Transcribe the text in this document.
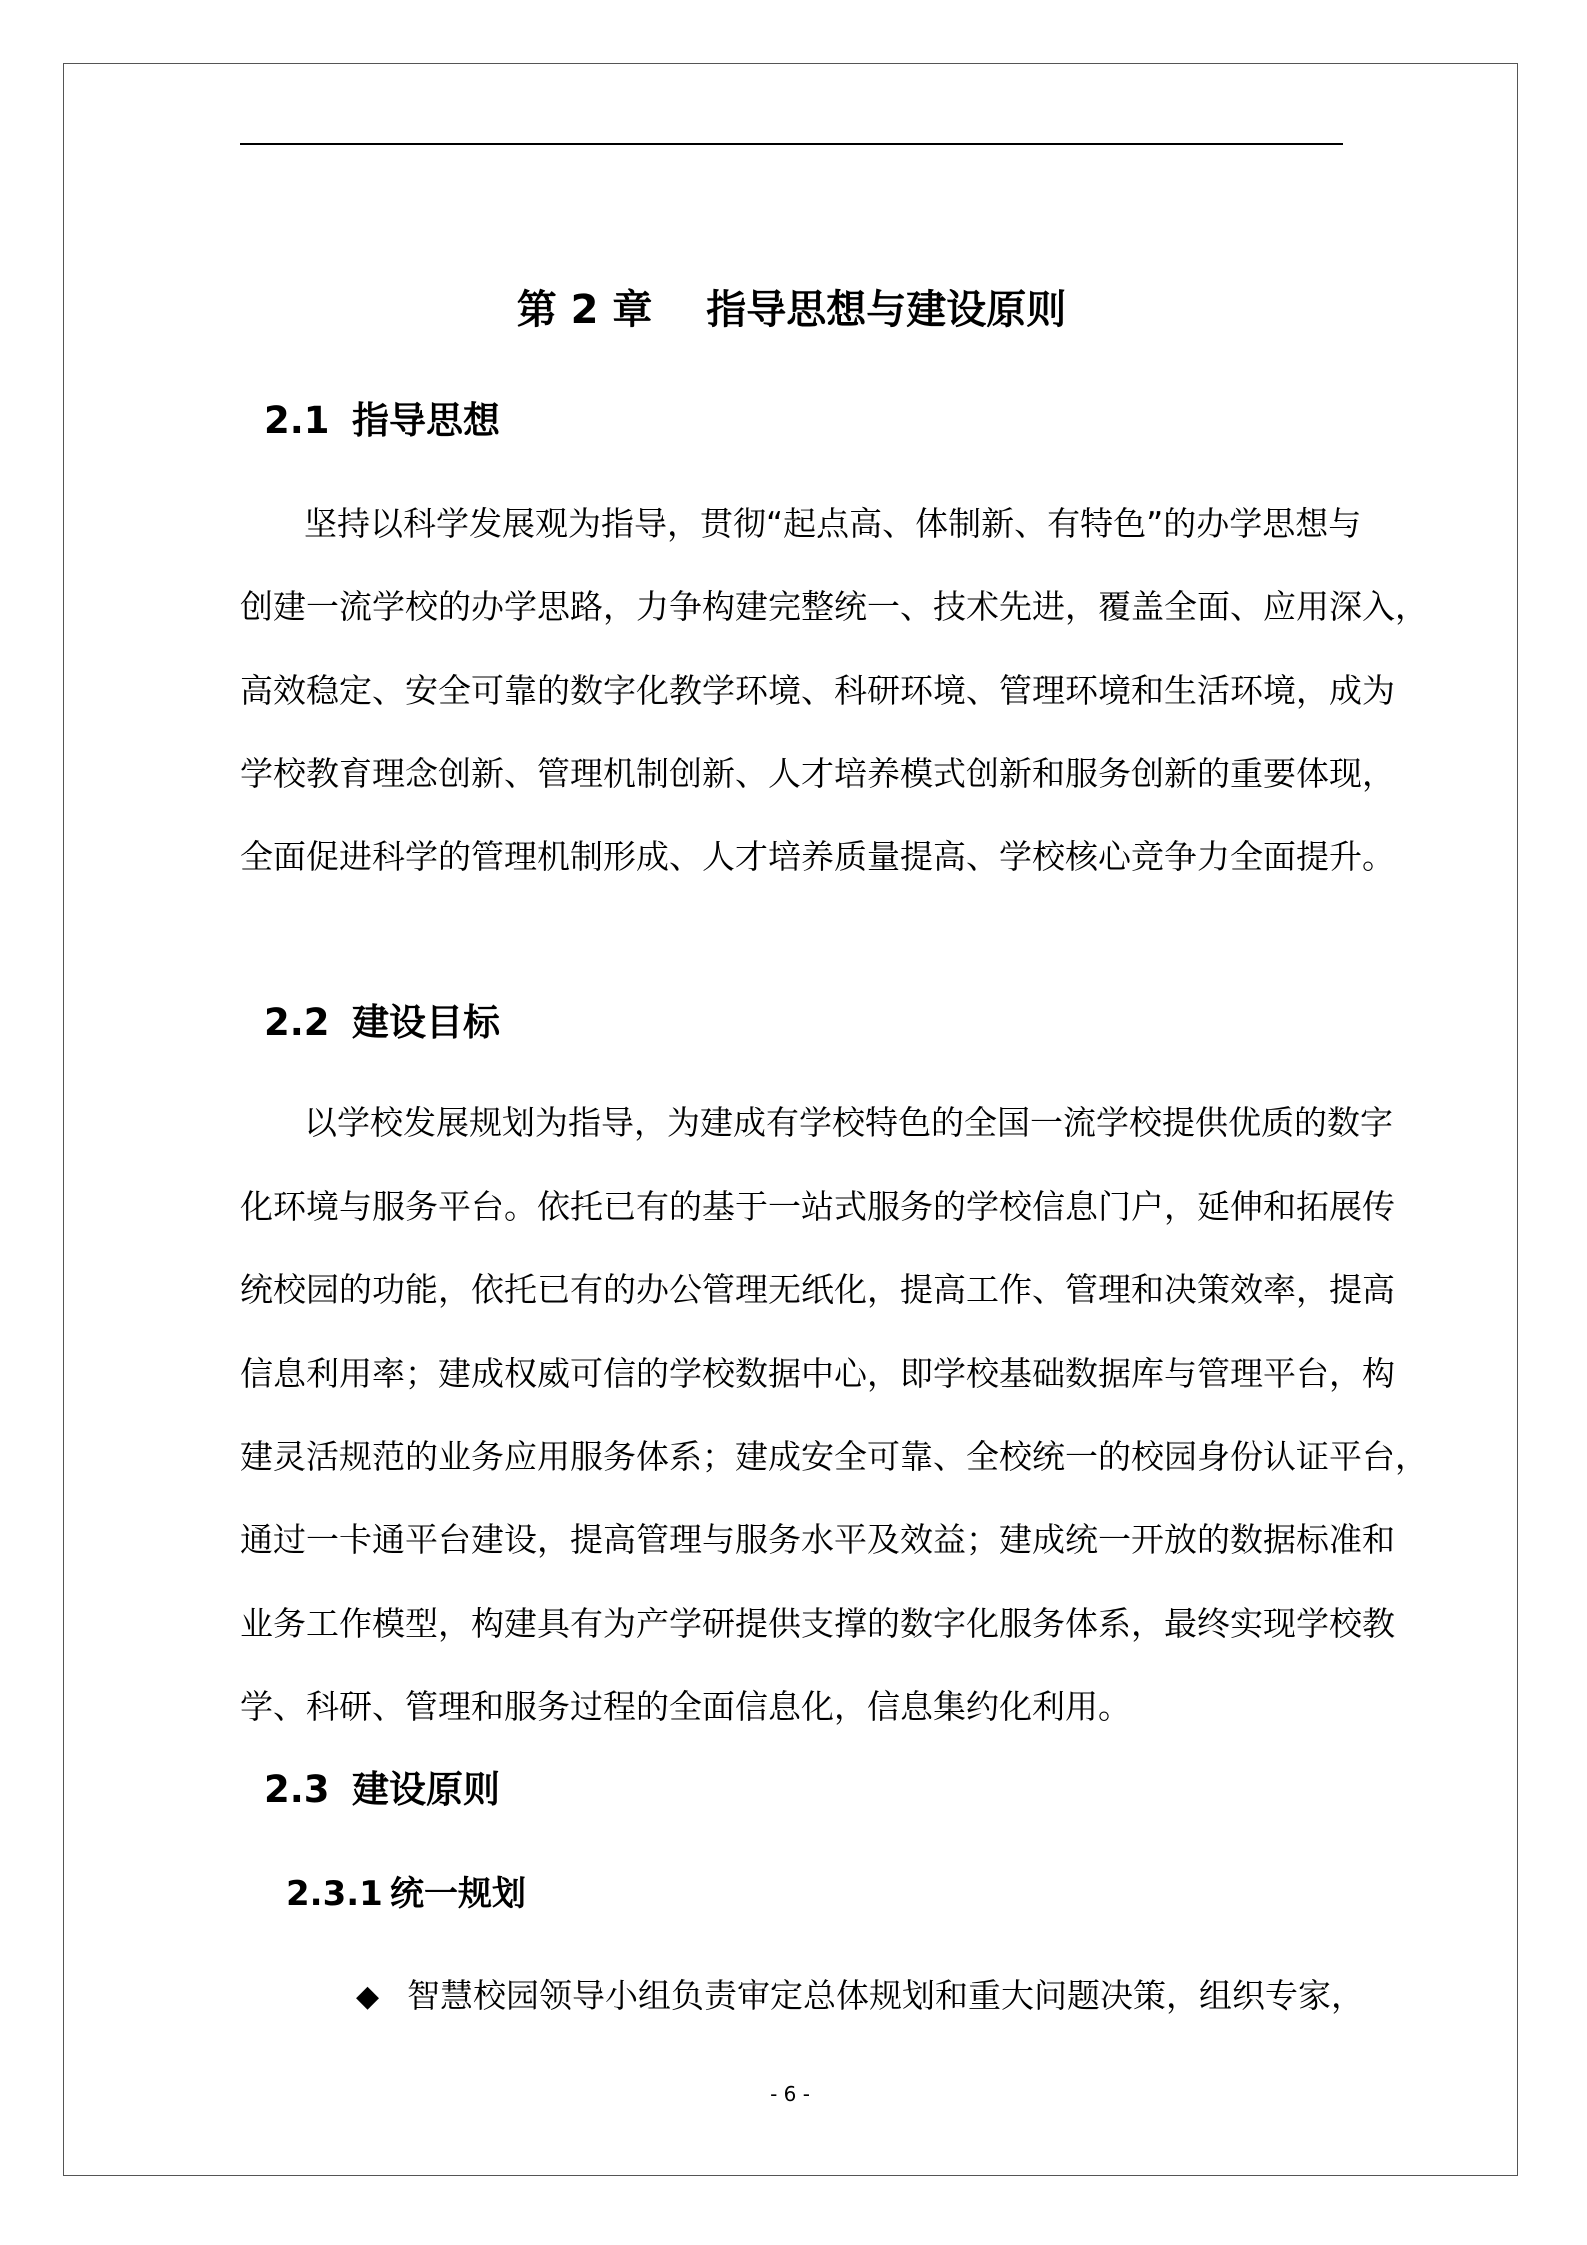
第 2 章　 指导思想与建设原则
2.1 指导思想
坚持以科学发展观为指导，贯彻“起点高、体制新、有特色”的办学思想与
创建一流学校的办学思路，力争构建完整统一、技术先进，覆盖全面、应用深入，
高效稳定、安全可靠的数字化教学环境、科研环境、管理环境和生活环境，成为
学校教育理念创新、管理机制创新、人才培养模式创新和服务创新的重要体现，
全面促进科学的管理机制形成、人才培养质量提高、学校核心竞争力全面提升。
2.2 建设目标
以学校发展规划为指导，为建成有学校特色的全国一流学校提供优质的数字
化环境与服务平台。依托已有的基于一站式服务的学校信息门户，延伸和拓展传
统校园的功能，依托已有的办公管理无纸化，提高工作、管理和决策效率，提高
信息利用率；建成权威可信的学校数据中心，即学校基础数据库与管理平台，构
建灵活规范的业务应用服务体系；建成安全可靠、全校统一的校园身份认证平台，
通过一卡通平台建设，提高管理与服务水平及效益；建成统一开放的数据标准和
业务工作模型，构建具有为产学研提供支撑的数字化服务体系，最终实现学校教
学、科研、管理和服务过程的全面信息化，信息集约化利用。
2.3 建设原则
2.3.1 统一规划
◆ 智慧校园领导小组负责审定总体规划和重大问题决策，组织专家，
- 6 -
